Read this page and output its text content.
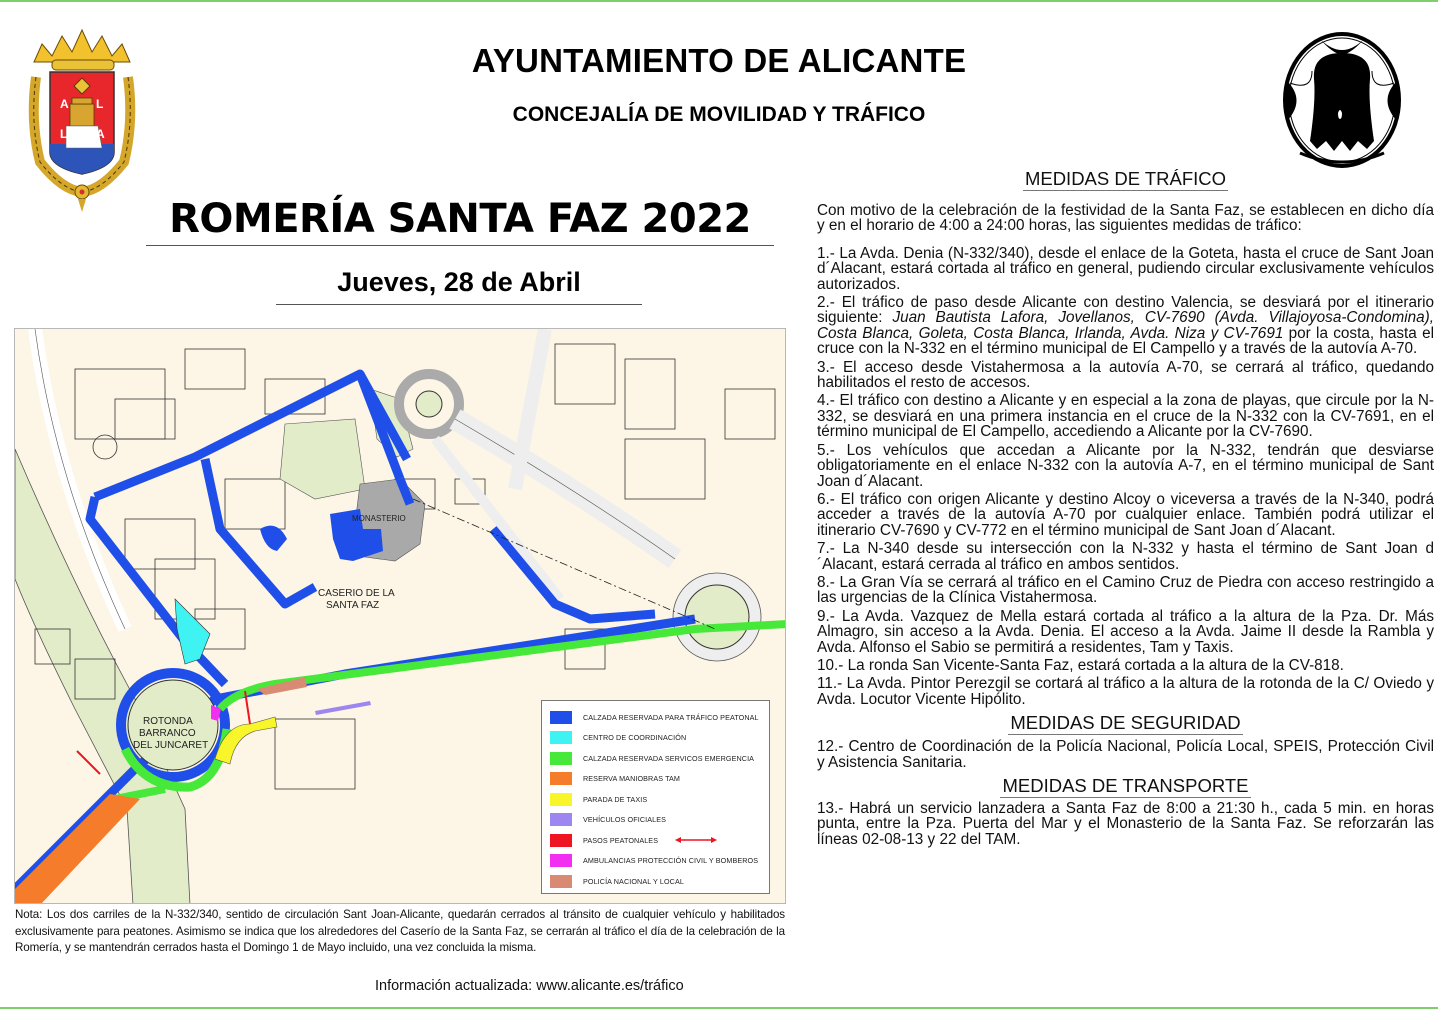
A L
L A
AYUNTAMIENTO DE ALICANTE
CONCEJALÍA DE MOVILIDAD Y TRÁFICO
ROMERÍA SANTA FAZ 2022
Jueves, 28 de Abril
MONASTERIO
CASERIO DE LA
SANTA FAZ
ROTONDA
BARRANCO
DEL JUNCARET
CALZADA RESERVADA PARA TRÁFICO PEATONAL
CENTRO DE COORDINACIÓN
CALZADA RESERVADA SERVICOS EMERGENCIA
RESERVA MANIOBRAS TAM
PARADA DE TAXIS
VEHÍCULOS OFICIALES
PASOS PEATONALES
AMBULANCIAS PROTECCIÓN CIVIL Y BOMBEROS
POLICÍA NACIONAL Y LOCAL
Nota: Los dos carriles de la N-332/340, sentido de circulación Sant Joan-Alicante, quedarán cerrados al tránsito de cualquier vehículo y habilitados exclusivamente para peatones. Asimismo se indica que los alrededores del Caserío de la Santa Faz, se cerrarán al tráfico el día de la celebración de la Romería, y se mantendrán cerrados hasta el Domingo 1 de Mayo incluido, una vez concluida la misma.
Información actualizada: www.alicante.es/tráfico
MEDIDAS DE TRÁFICO

Con motivo de la celebración de la festividad de la Santa Faz, se establecen en dicho día y en el horario de 4:00 a 24:00 horas, las siguientes medidas de tráfico:

1.- La Avda. Denia (N-332/340), desde el enlace de la Goteta, hasta el cruce de Sant Joan d´Alacant, estará cortada al tráfico en general, pudiendo circular exclusivamente vehículos autorizados.

2.- El tráfico de paso desde Alicante con destino Valencia, se desviará por el itinerario siguiente: Juan Bautista Lafora, Jovellanos, CV-7690 (Avda. Villajoyosa-Condomina), Costa Blanca, Goleta, Costa Blanca, Irlanda, Avda. Niza y CV-7691 por la costa, hasta el cruce con la N-332 en el término municipal de El Campello y a través de la autovía A-70.

3.- El acceso desde Vistahermosa a la autovía A-70, se cerrará al tráfico, quedando habilitados el resto de accesos.

4.- El tráfico con destino a Alicante y en especial a la zona de playas, que circule por la N-332, se desviará en una primera instancia en el cruce de la N-332 con la CV-7691, en el término municipal de El Campello, accediendo a Alicante por la CV-7690.

5.- Los vehículos que accedan a Alicante por la N-332, tendrán que desviarse obligatoriamente en el enlace N-332 con la autovía A-7, en el término municipal de Sant Joan d´Alacant.

6.- El tráfico con origen Alicante y destino Alcoy o viceversa a través de la N-340, podrá acceder a través de la autovía A-70 por cualquier enlace. También podrá utilizar el itinerario CV-7690 y CV-772 en el término municipal de Sant Joan d´Alacant.

7.- La N-340 desde su intersección con la N-332 y hasta el término de Sant Joan d´Alacant, estará cerrada al tráfico en ambos sentidos.

8.- La Gran Vía se cerrará al tráfico en el Camino Cruz de Piedra con acceso restringido a las urgencias de la Clínica Vistahermosa.

9.- La Avda. Vazquez de Mella estará cortada al tráfico a la altura de la Pza. Dr. Más Almagro, sin acceso a la Avda. Denia. El acceso a la Avda. Jaime II desde la Rambla y Avda. Alfonso el Sabio se permitirá a residentes, Tam y Taxis.

10.- La ronda San Vicente-Santa Faz, estará cortada a la altura de la CV-818.

11.- La Avda. Pintor Perezgil se cortará al tráfico a la altura de la rotonda de la C/ Oviedo y Avda. Locutor Vicente Hipólito.

MEDIDAS DE SEGURIDAD

12.- Centro de Coordinación de la Policía Nacional, Policía Local, SPEIS, Protección Civil y Asistencia Sanitaria.

MEDIDAS DE TRANSPORTE

13.- Habrá un servicio lanzadera a Santa Faz de 8:00 a 21:30 h., cada 5 min. en horas punta, entre la Pza. Puerta del Mar y el Monasterio de la Santa Faz. Se reforzarán las líneas 02-08-13 y 22 del TAM.
